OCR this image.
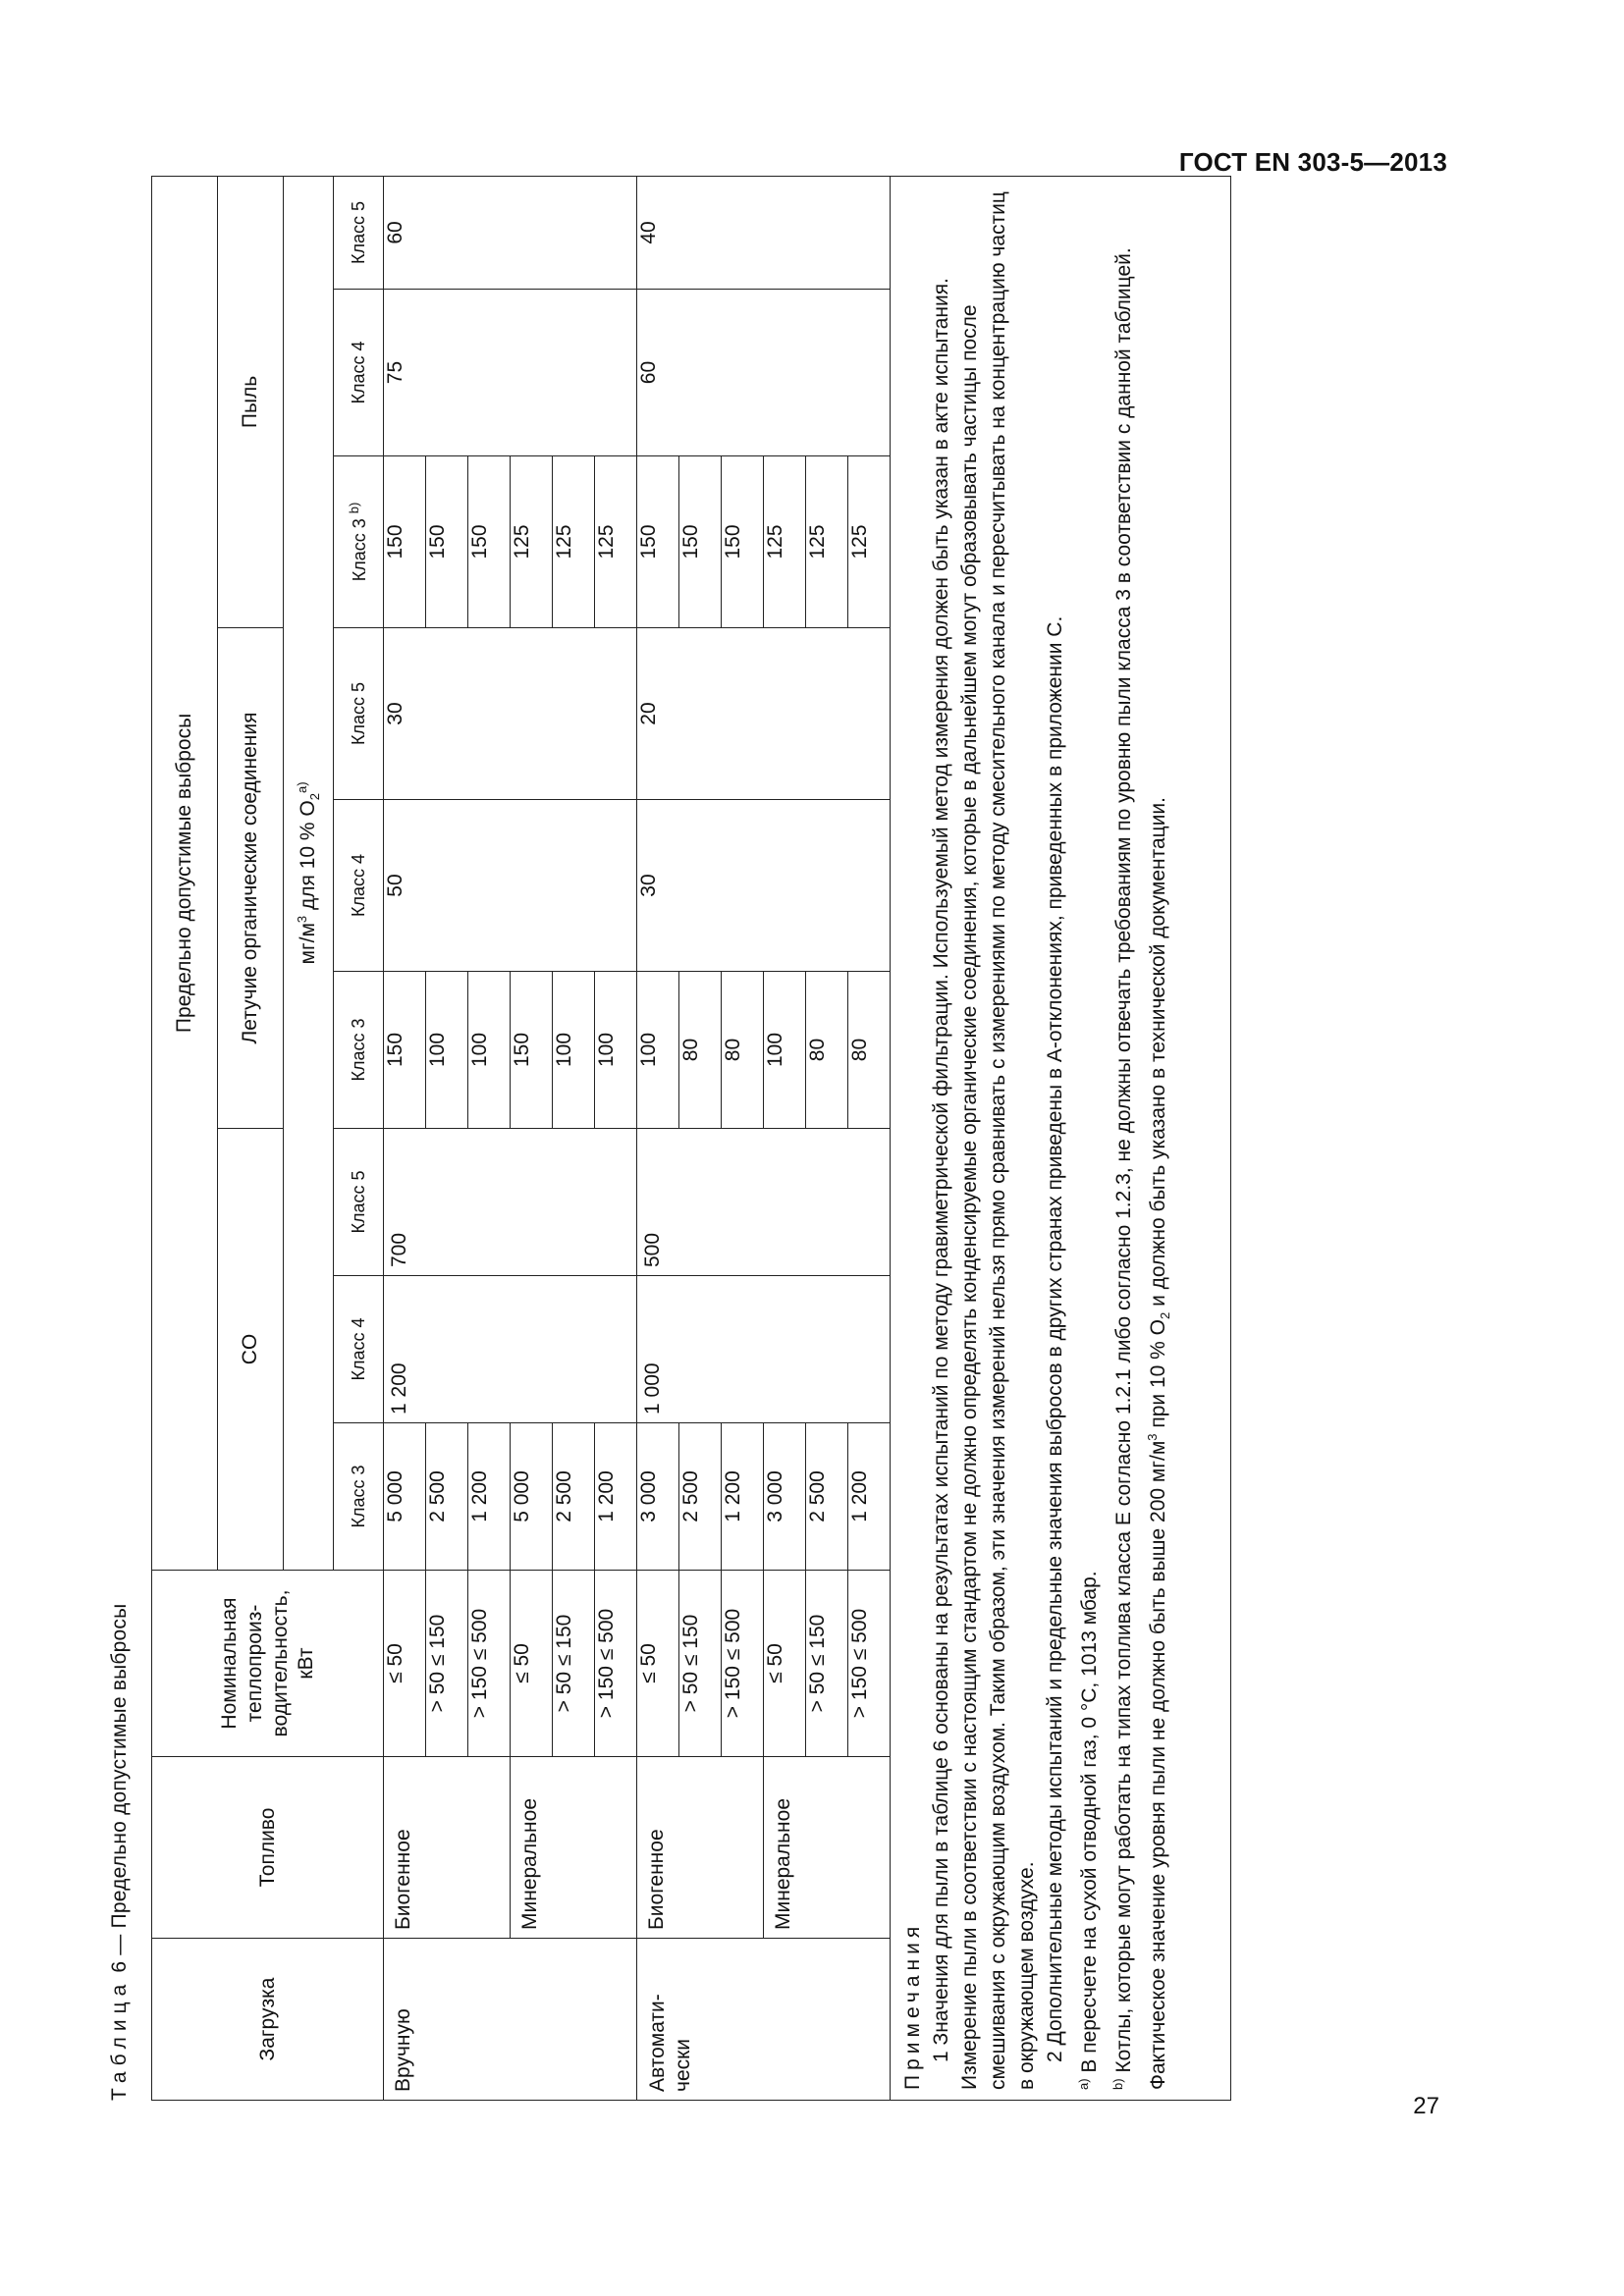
ГОСТ EN 303-5—2013
27
Таблица 6 — Предельно допустимые выбросы
Загрузка	Топливо	Номинальная теплопроиз-водительность, кВт	Предельно допустимые выбросы								
			CO			Летучие органические соединения			Пыль		
			$мг/м^3$ для 10 % $O_2^{a)}$
			Класс 3	Класс 4	Класс 5	Класс 3	Класс 4	Класс 5	Класс 3 $^{b)}$	Класс 4	Класс 5
Вручную	Биогенное	≤ 50	5 000	1 200	700	150	50	30	150	75	60
		> 50 ≤ 150	2 500			100			150		
		> 150 ≤ 500	1 200			100			150		
	Минеральное	≤ 50	5 000			150			125		
		> 50 ≤ 150	2 500			100			125		
		> 150 ≤ 500	1 200			100			125		
Автомати-чески	Биогенное	≤ 50	3 000	1 000	500	100	30	20	150	60	40
		> 50 ≤ 150	2 500			80			150		
		> 150 ≤ 500	1 200			80			150		
	Минеральное	≤ 50	3 000			100			125		
		> 50 ≤ 150	2 500			80			125		
		> 150 ≤ 500	1 200			80			125		

Примечания 1 Значения для пыли в таблице 6 основаны на результатах испытаний по методу гравиметрической фильтрации. Используемый метод измерения должен быть указан в акте испытания. Измерение пыли в соответствии с настоящим стандартом не должно определять конденсируемые органические соединения, которые в дальнейшем могут образовывать частицы после смешивания с окружающим воздухом. Таким образом, эти значения измерений нельзя прямо сравнивать с измерениями по методу смесительного канала и пересчитывать на концентрацию частиц в окружающем воздухе. 2 Дополнительные методы испытаний и предельные значения выбросов в других странах приведены в А-отклонениях, приведенных в приложении С.

$^{a)}$ В пересчете на сухой отводной газ, 0 °С, 1013 мбар.

$^{b)}$ Котлы, которые могут работать на типах топлива класса Е согласно 1.2.1 либо согласно 1.2.3, не должны отвечать требованиям по уровню пыли класса 3 в соответствии с данной таблицей. Фактическое значение уровня пыли не должно быть выше 200 $мг/м^3$ при 10 % $O_2$ и должно быть указано в технической документации.											
